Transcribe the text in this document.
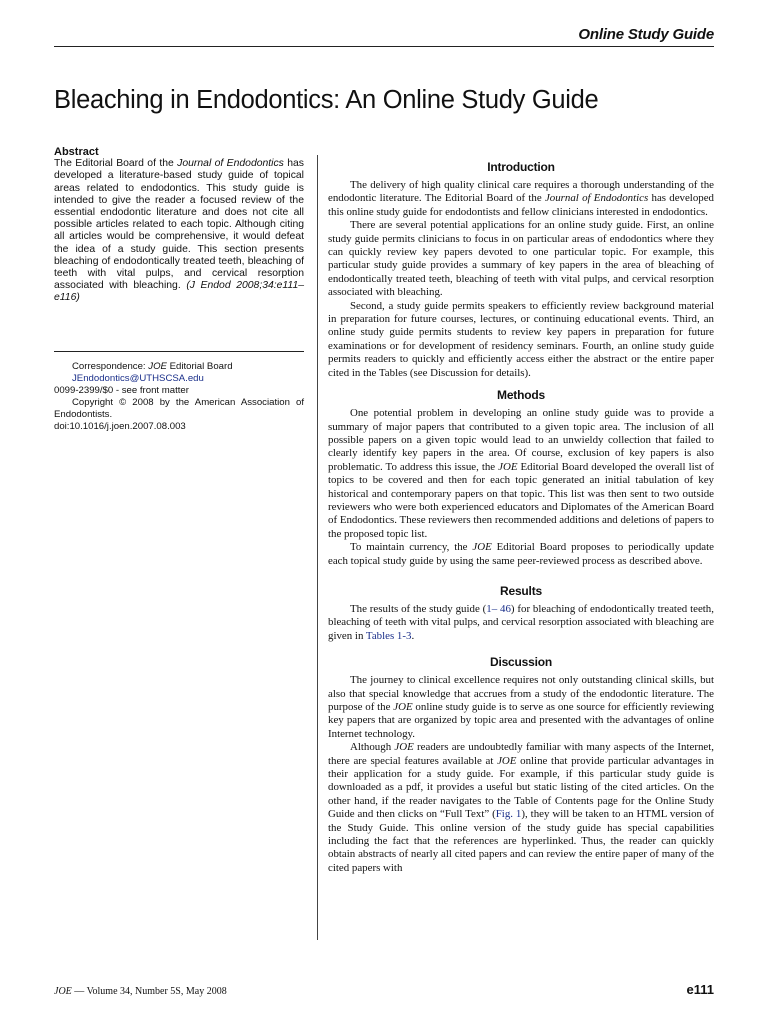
Online Study Guide
Bleaching in Endodontics: An Online Study Guide
Abstract

The Editorial Board of the Journal of Endodontics has developed a literature-based study guide of topical areas related to endodontics. This study guide is intended to give the reader a focused review of the essential endodontic literature and does not cite all possible articles related to each topic. Although citing all articles would be comprehensive, it would defeat the idea of a study guide. This section presents bleaching of endodontically treated teeth, bleaching of teeth with vital pulps, and cervical resorption associated with bleaching. (J Endod 2008;34:e111–e116)

Correspondence: JOE Editorial Board

JEndodontics@UTHSCSA.edu

0099-2399/$0 - see front matter

Copyright © 2008 by the American Association of Endodontists.

doi:10.1016/j.joen.2007.08.003

Introduction

The delivery of high quality clinical care requires a thorough understanding of the endodontic literature. The Editorial Board of the Journal of Endodontics has developed this online study guide for endodontists and fellow clinicians interested in endodontics.

There are several potential applications for an online study guide. First, an online study guide permits clinicians to focus in on particular areas of endodontics where they can quickly review key papers devoted to one particular topic. For example, this particular study guide provides a summary of key papers in the area of bleaching of endodontically treated teeth, bleaching of teeth with vital pulps, and cervical resorption associated with bleaching.

Second, a study guide permits speakers to efficiently review background material in preparation for future courses, lectures, or continuing educational events. Third, an online study guide permits students to review key papers in preparation for future examinations or for development of residency seminars. Fourth, an online study guide permits readers to quickly and efficiently access either the abstract or the entire paper cited in the Tables (see Discussion for details).

Methods

One potential problem in developing an online study guide was to provide a summary of major papers that contributed to a given topic area. The inclusion of all possible papers on a given topic would lead to an unwieldy collection that failed to clearly identify key papers in the area. Of course, exclusion of key papers is also problematic. To address this issue, the JOE Editorial Board developed the overall list of topics to be covered and then for each topic generated an initial tabulation of key historical and contemporary papers on that topic. This list was then sent to two outside reviewers who were both experienced educators and Diplomates of the American Board of Endodontics. These reviewers then recommended additions and deletions of papers to the proposed topic list.

To maintain currency, the JOE Editorial Board proposes to periodically update each topical study guide by using the same peer-reviewed process as described above.

Results

The results of the study guide (1– 46) for bleaching of endodontically treated teeth, bleaching of teeth with vital pulps, and cervical resorption associated with bleaching are given in Tables 1-3.

Discussion

The journey to clinical excellence requires not only outstanding clinical skills, but also that special knowledge that accrues from a study of the endodontic literature. The purpose of the JOE online study guide is to serve as one source for efficiently reviewing key papers that are organized by topic area and presented with the advantages of online Internet technology.

Although JOE readers are undoubtedly familiar with many aspects of the Internet, there are special features available at JOE online that provide particular advantages in their application for a study guide. For example, if this particular study guide is downloaded as a pdf, it provides a useful but static listing of the cited articles. On the other hand, if the reader navigates to the Table of Contents page for the Online Study Guide and then clicks on “Full Text” (Fig. 1), they will be taken to an HTML version of the Study Guide. This online version of the study guide has special capabilities including the fact that the references are hyperlinked. Thus, the reader can quickly obtain abstracts of nearly all cited papers and can review the entire paper of many of the cited papers with

JOE — Volume 34, Number 5S, May 2008	e111
